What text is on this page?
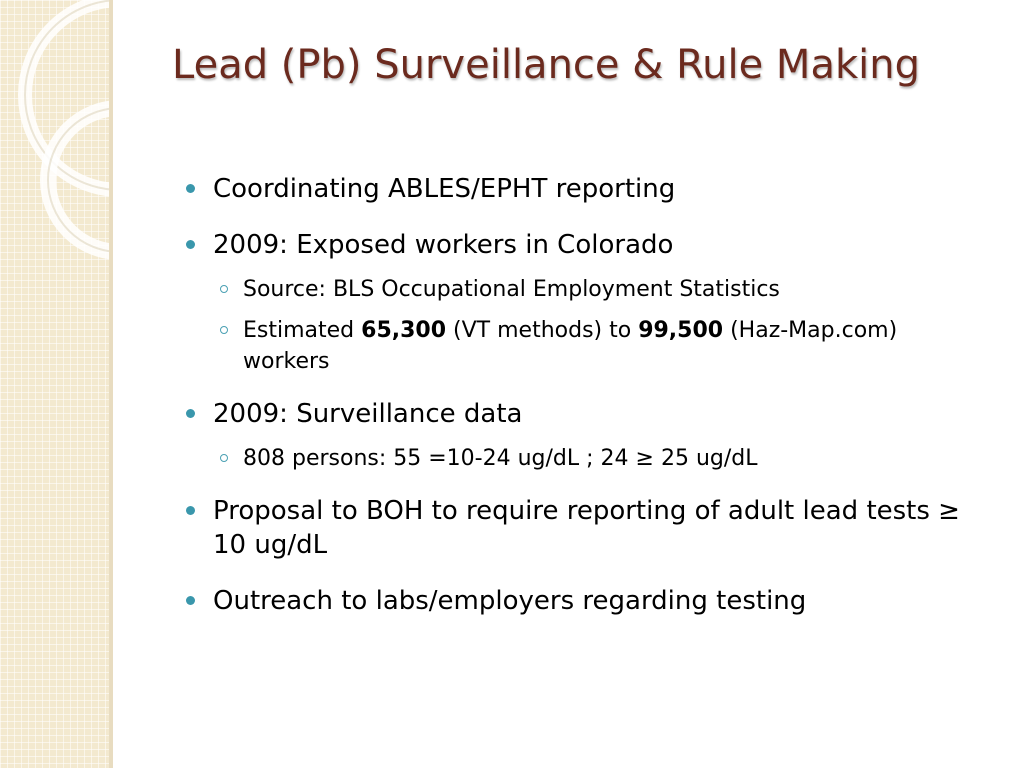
Lead (Pb) Surveillance & Rule Making
Coordinating ABLES/EPHT reporting
2009: Exposed workers in Colorado
Source: BLS Occupational Employment Statistics
Estimated 65,300 (VT methods) to 99,500 (Haz-Map.com) workers
2009: Surveillance data
808 persons: 55 =10-24 ug/dL ; 24 ≥ 25 ug/dL
Proposal to BOH to require reporting of adult lead tests ≥ 10 ug/dL
Outreach to labs/employers regarding testing
